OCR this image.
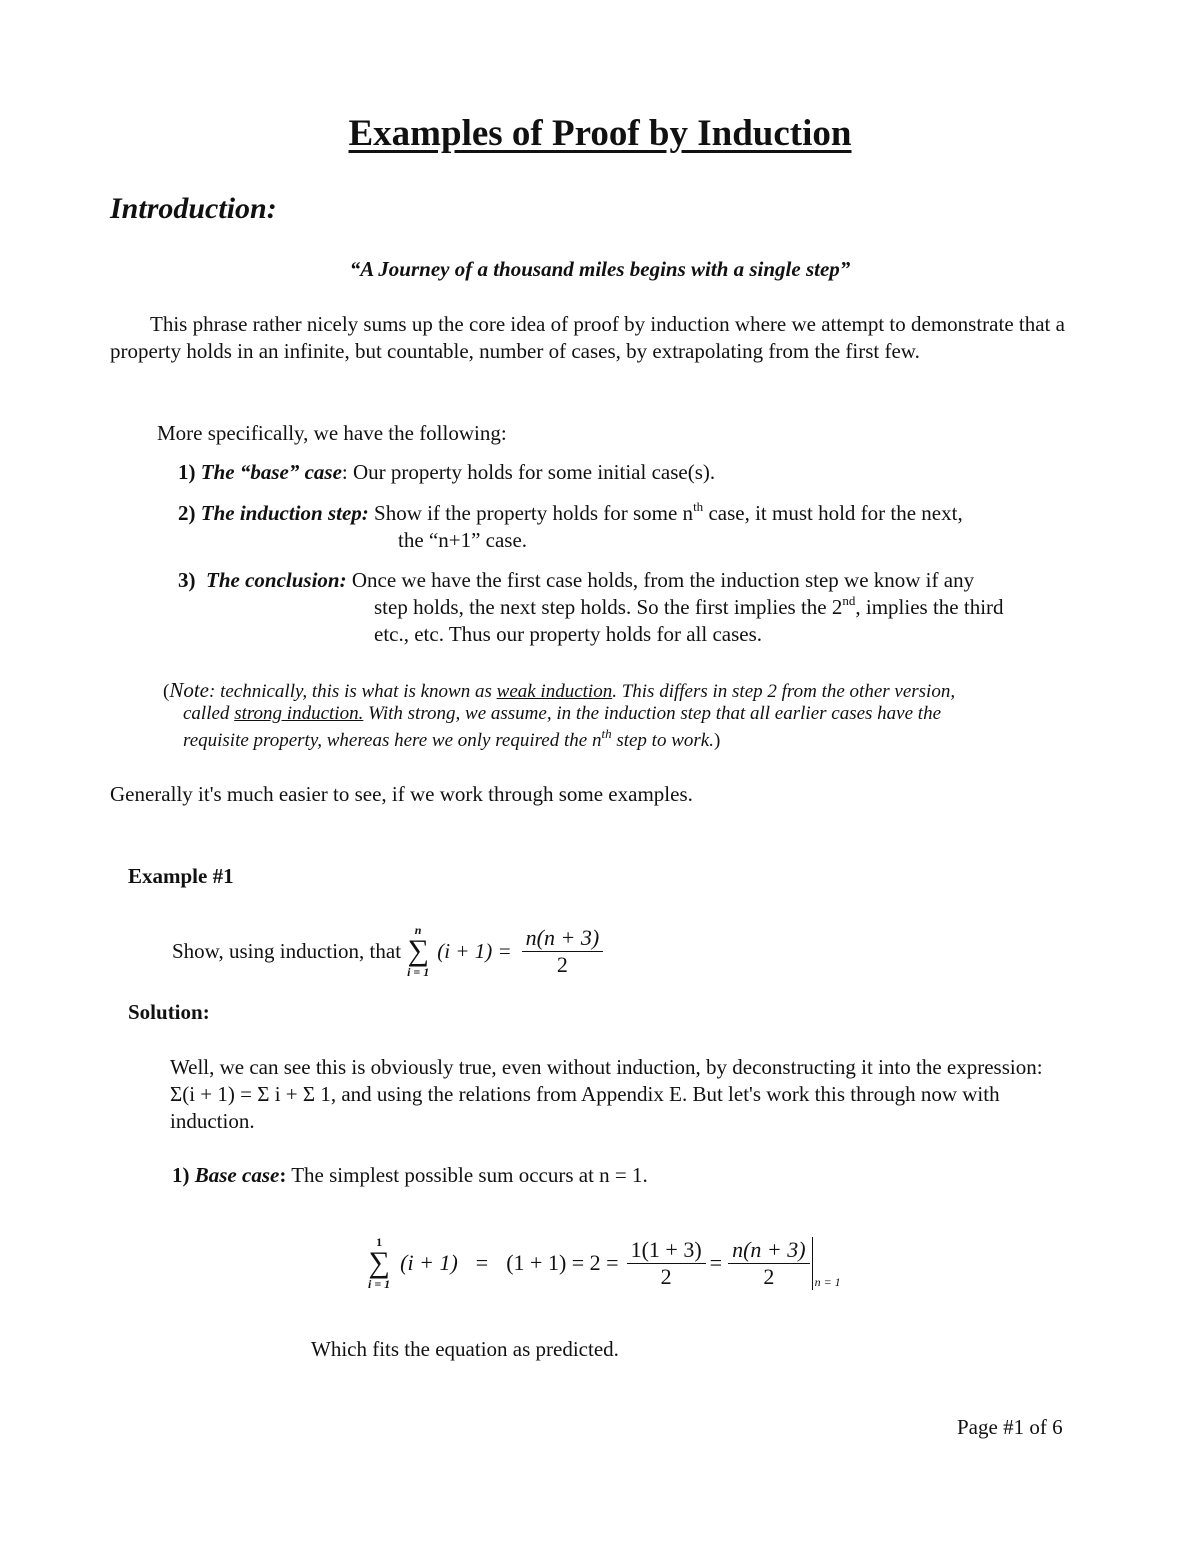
Examples of Proof by Induction
Introduction:
“A Journey of a thousand miles begins with a single step”
This phrase rather nicely sums up the core idea of proof by induction where we attempt to demonstrate that a property holds in an infinite, but countable, number of cases, by extrapolating from the first few.
More specifically, we have the following:
1) The “base” case: Our property holds for some initial case(s).
2) The induction step: Show if the property holds for some $n^{th}$ case, it must hold for the next,
the “n+1” case.
3) The conclusion: Once we have the first case holds, from the induction step we know if any
step holds, the next step holds. So the first implies the 2nd, implies the third
etc., etc. Thus our property holds for all cases.
(Note: technically, this is what is known as weak induction. This differs in step 2 from the other version,
called strong induction. With strong, we assume, in the induction step that all earlier cases have the
requisite property, whereas here we only required the $n^{th}$ step to work.)
Generally it's much easier to see, if we work through some examples.
Example #1
Show, using induction, that
n
∑
i = 1
$(i + 1) = \frac{n(n + 3)}{2}$
Solution:
Well, we can see this is obviously true, even without induction, by deconstructing it into the expression: Σ(i + 1) = Σ i + Σ 1, and using the relations from Appendix E. But let's work this through now with induction.
1) Base case: The simplest possible sum occurs at n = 1.
1
∑
i = 1
$(i + 1) = (1 + 1) = 2 = \frac{1(1 + 3)}{2} = \frac{n(n + 3)}{2}$ n = 1
Which fits the equation as predicted.
Page #1 of 6
